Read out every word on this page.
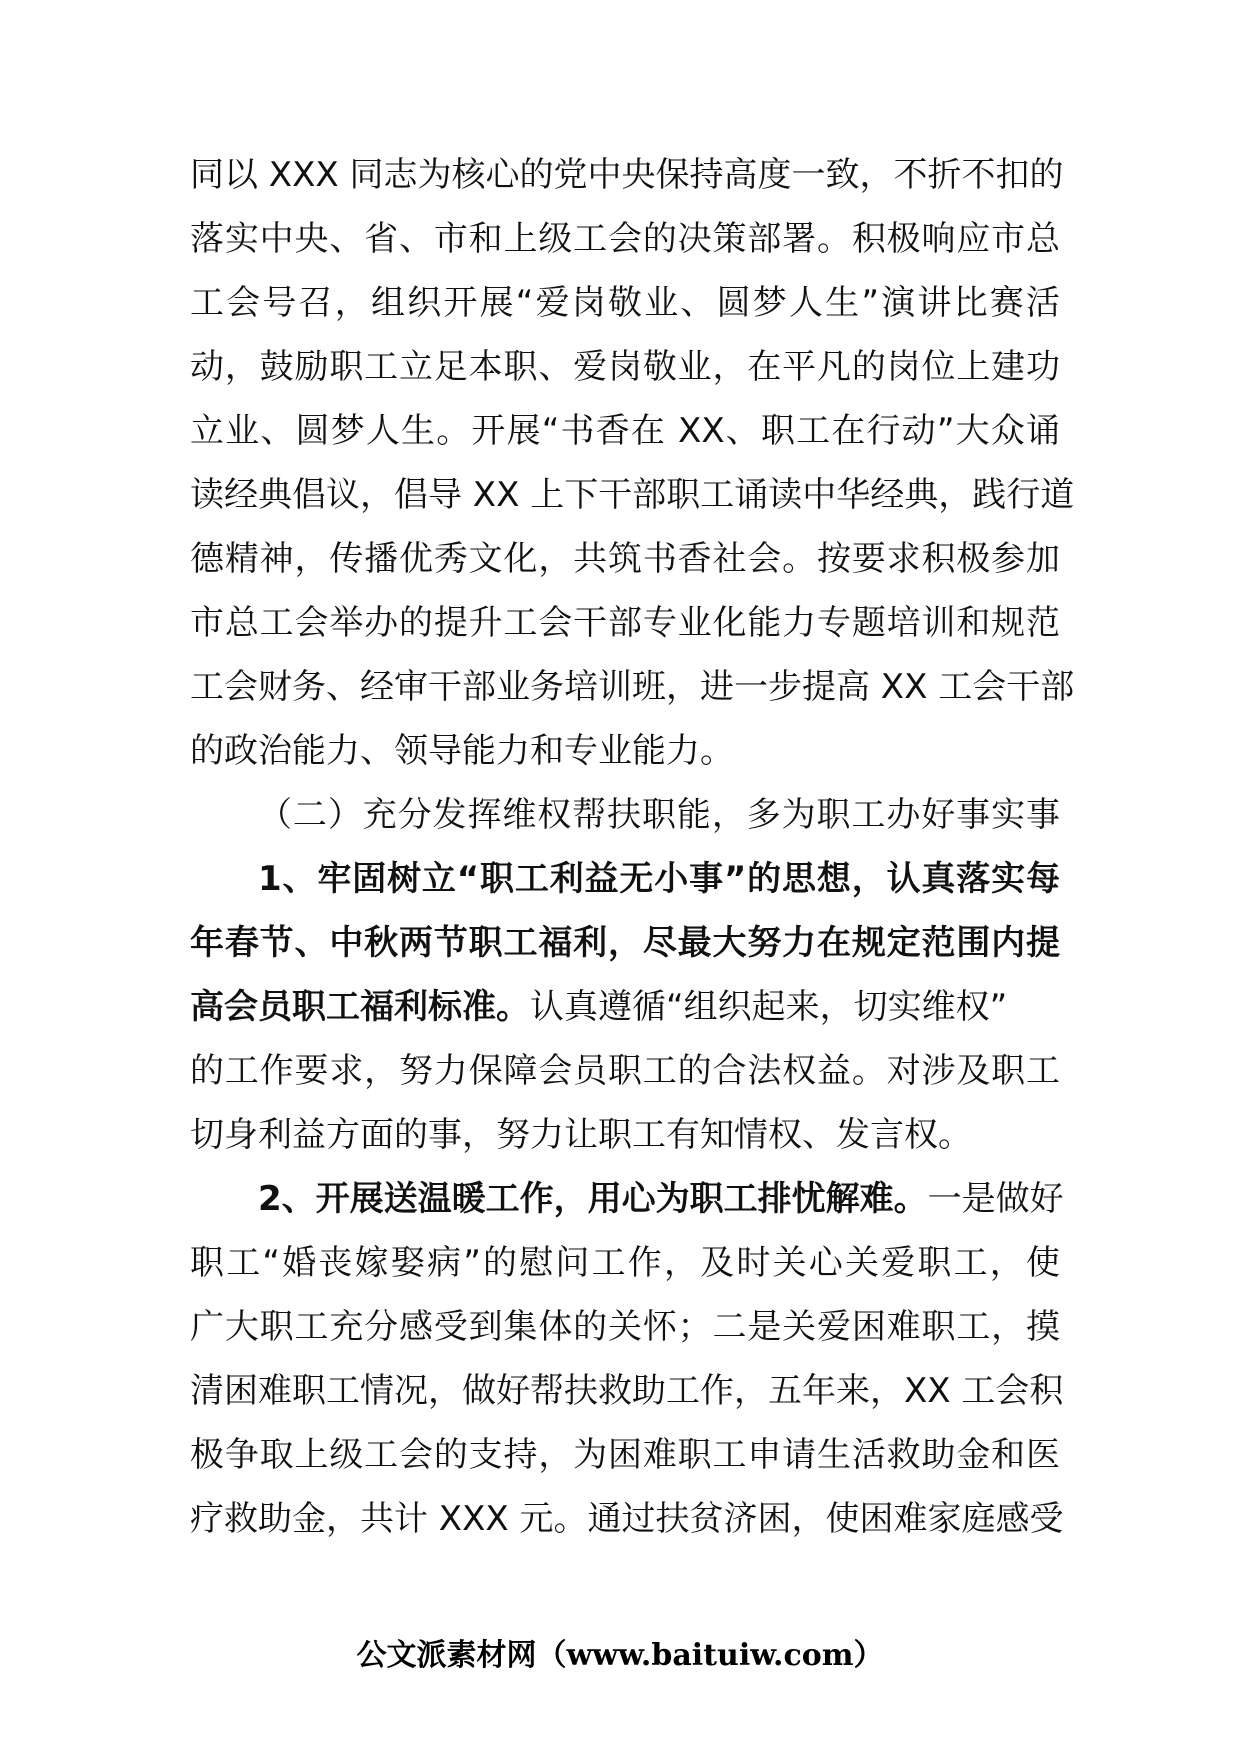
同以 XXX 同志为核心的党中央保持高度一致，不折不扣的
落实中央、省、市和上级工会的决策部署。积极响应市总
工会号召，组织开展“爱岗敬业、圆梦人生”演讲比赛活
动，鼓励职工立足本职、爱岗敬业，在平凡的岗位上建功
立业、圆梦人生。开展“书香在 XX、职工在行动”大众诵
读经典倡议，倡导 XX 上下干部职工诵读中华经典，践行道
德精神，传播优秀文化，共筑书香社会。按要求积极参加
市总工会举办的提升工会干部专业化能力专题培训和规范
工会财务、经审干部业务培训班，进一步提高 XX 工会干部
的政治能力、领导能力和专业能力。
（二）充分发挥维权帮扶职能，多为职工办好事实事
1、牢固树立“职工利益无小事”的思想，认真落实每
年春节、中秋两节职工福利，尽最大努力在规定范围内提
高会员职工福利标准。认真遵循“组织起来，切实维权”
的工作要求，努力保障会员职工的合法权益。对涉及职工
切身利益方面的事，努力让职工有知情权、发言权。
2、开展送温暖工作，用心为职工排忧解难。一是做好
职工“婚丧嫁娶病”的慰问工作，及时关心关爱职工，使
广大职工充分感受到集体的关怀；二是关爱困难职工，摸
清困难职工情况，做好帮扶救助工作，五年来，XX 工会积
极争取上级工会的支持，为困难职工申请生活救助金和医
疗救助金，共计 XXX 元。通过扶贫济困，使困难家庭感受
公文派素材网（www.baituiw.com）
